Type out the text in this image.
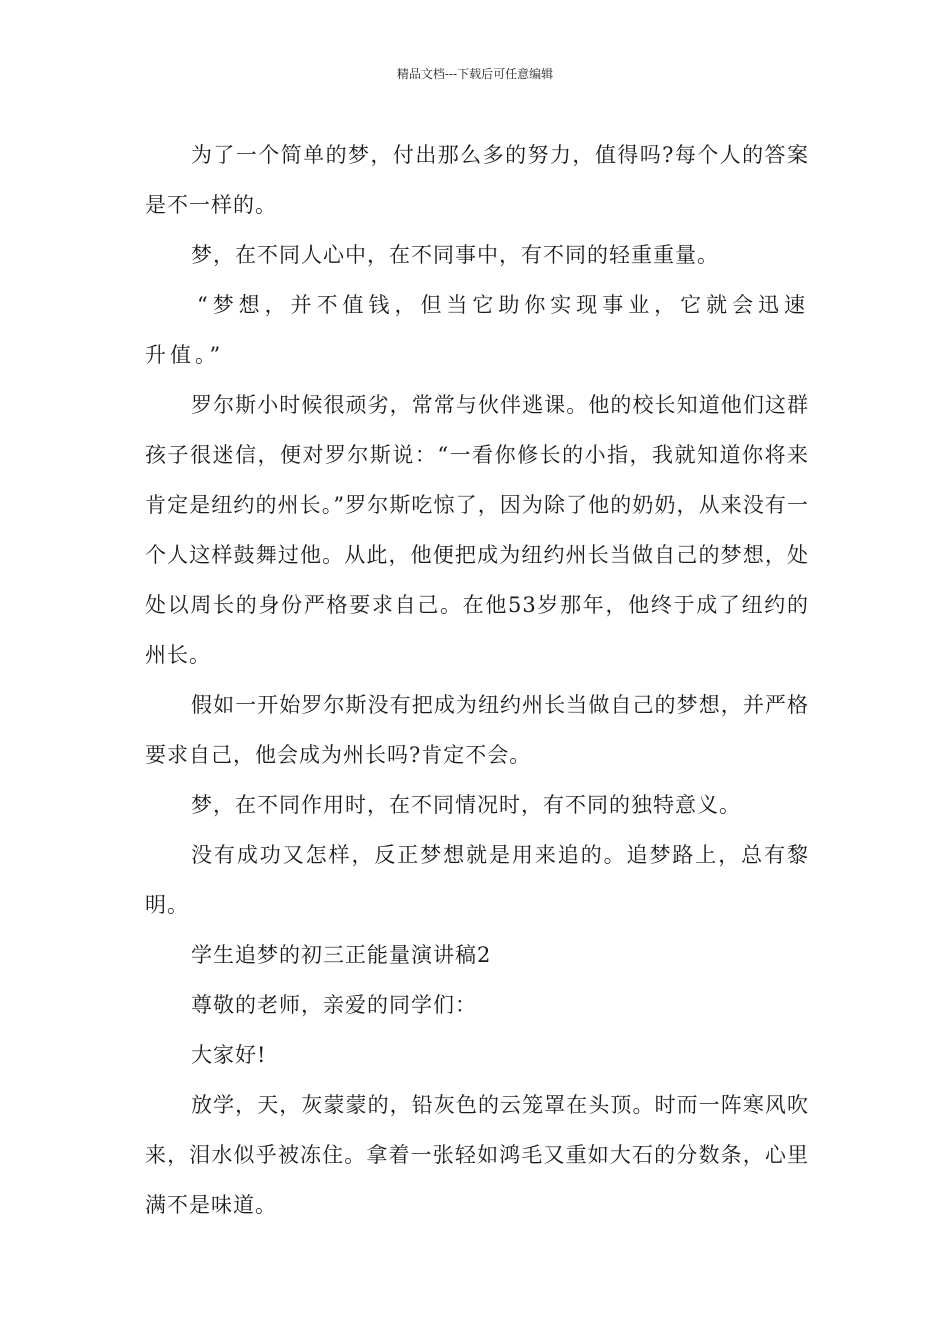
精品文档---下载后可任意编辑

为了一个简单的梦，付出那么多的努力，值得吗?每个人的答案是不一样的。

梦，在不同人心中，在不同事中，有不同的轻重重量。

“梦想，并不值钱，但当它助你实现事业，它就会迅速升值。”

罗尔斯小时候很顽劣，常常与伙伴逃课。他的校长知道他们这群孩子很迷信，便对罗尔斯说：“一看你修长的小指，我就知道你将来肯定是纽约的州长。”罗尔斯吃惊了，因为除了他的奶奶，从来没有一个人这样鼓舞过他。从此，他便把成为纽约州长当做自己的梦想，处处以周长的身份严格要求自己。在他53岁那年，他终于成了纽约的州长。

假如一开始罗尔斯没有把成为纽约州长当做自己的梦想，并严格要求自己，他会成为州长吗?肯定不会。

梦，在不同作用时，在不同情况时，有不同的独特意义。

没有成功又怎样，反正梦想就是用来追的。追梦路上，总有黎明。

学生追梦的初三正能量演讲稿2

尊敬的老师，亲爱的同学们：

大家好!

放学，天，灰蒙蒙的，铅灰色的云笼罩在头顶。时而一阵寒风吹来，泪水似乎被冻住。拿着一张轻如鸿毛又重如大石的分数条，心里满不是味道。
